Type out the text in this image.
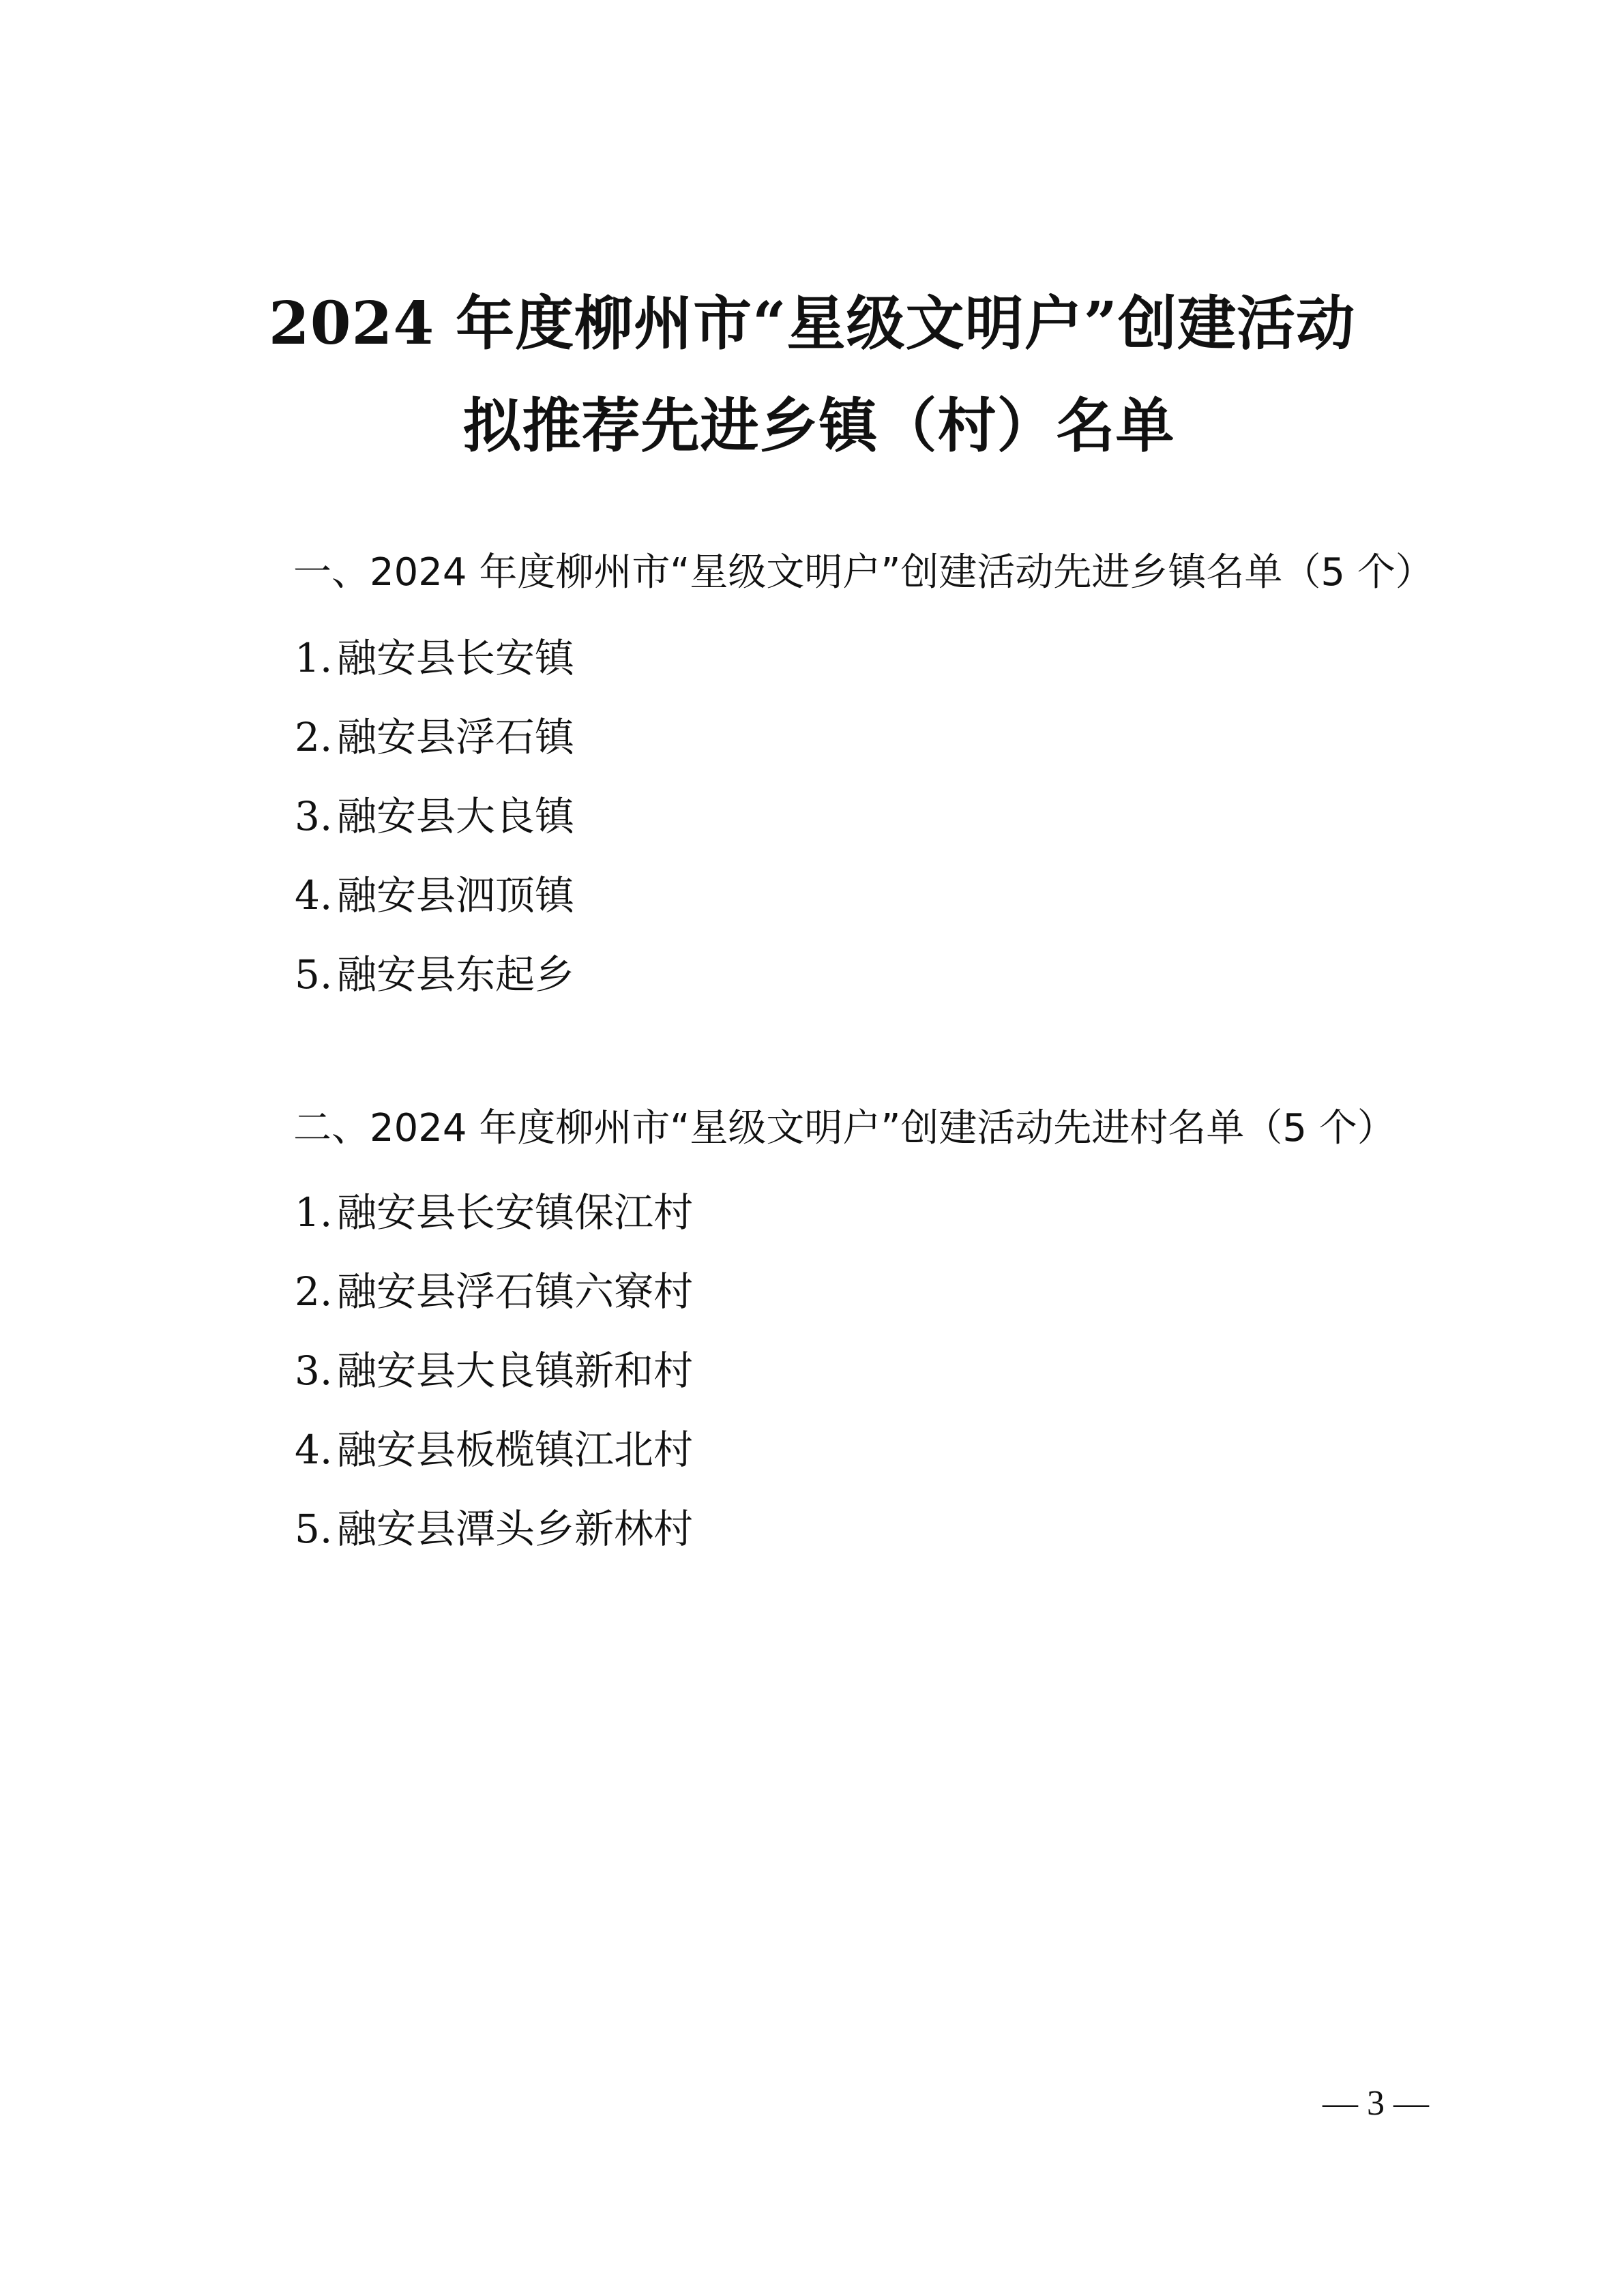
2024 年度柳州市“星级文明户”创建活动
拟推荐先进乡镇（村）名单
一、2024 年度柳州市“星级文明户”创建活动先进乡镇名单（5 个）
1. 融安县长安镇
2. 融安县浮石镇
3. 融安县大良镇
4. 融安县泗顶镇
5. 融安县东起乡
二、2024 年度柳州市“星级文明户”创建活动先进村名单（5 个）
1. 融安县长安镇保江村
2. 融安县浮石镇六寮村
3. 融安县大良镇新和村
4. 融安县板榄镇江北村
5. 融安县潭头乡新林村
— 3 —
